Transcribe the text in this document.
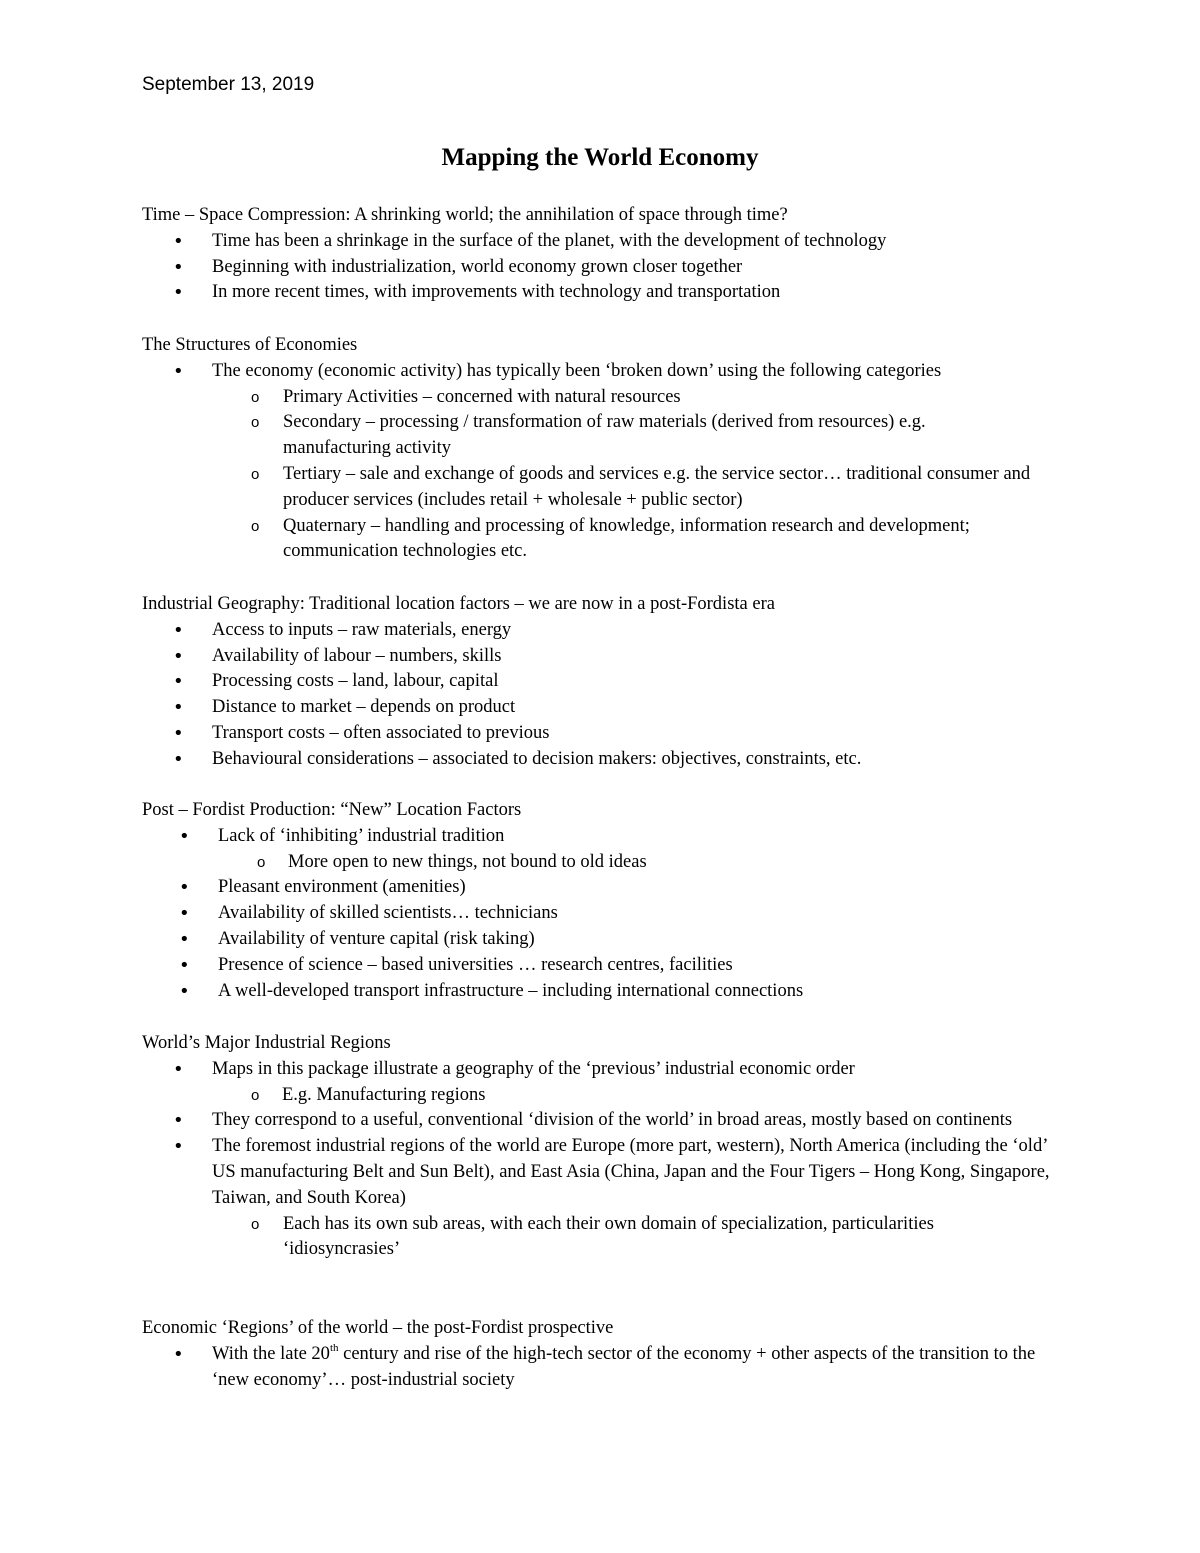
September 13, 2019
Mapping the World Economy

Time – Space Compression: A shrinking world; the annihilation of space through time?

• Time has been a shrinkage in the surface of the planet, with the development of technology
• Beginning with industrialization, world economy grown closer together
• In more recent times, with improvements with technology and transportation

The Structures of Economies

• The economy (economic activity) has typically been ‘broken down’ using the following categories
o Primary Activities – concerned with natural resources
o Secondary – processing / transformation of raw materials (derived from resources) e.g. manufacturing activity
o Tertiary – sale and exchange of goods and services e.g. the service sector… traditional consumer and producer services (includes retail + wholesale + public sector)
o Quaternary – handling and processing of knowledge, information research and development; communication technologies etc.

Industrial Geography: Traditional location factors – we are now in a post-Fordista era

• Access to inputs – raw materials, energy
• Availability of labour – numbers, skills
• Processing costs – land, labour, capital
• Distance to market – depends on product
• Transport costs – often associated to previous
• Behavioural considerations – associated to decision makers: objectives, constraints, etc.

Post – Fordist Production: “New” Location Factors

• Lack of ‘inhibiting’ industrial tradition
o More open to new things, not bound to old ideas
• Pleasant environment (amenities)
• Availability of skilled scientists… technicians
• Availability of venture capital (risk taking)
• Presence of science – based universities … research centres, facilities
• A well-developed transport infrastructure – including international connections

World’s Major Industrial Regions

• Maps in this package illustrate a geography of the ‘previous’ industrial economic order
o E.g. Manufacturing regions
• They correspond to a useful, conventional ‘division of the world’ in broad areas, mostly based on continents
• The foremost industrial regions of the world are Europe (more part, western), North America (including the ‘old’ US manufacturing Belt and Sun Belt), and East Asia (China, Japan and the Four Tigers – Hong Kong, Singapore, Taiwan, and South Korea)
o Each has its own sub areas, with each their own domain of specialization, particularities ‘idiosyncrasies’

Economic ‘Regions’ of the world – the post-Fordist prospective

• With the late 20th century and rise of the high-tech sector of the economy + other aspects of the transition to the ‘new economy’… post-industrial society
